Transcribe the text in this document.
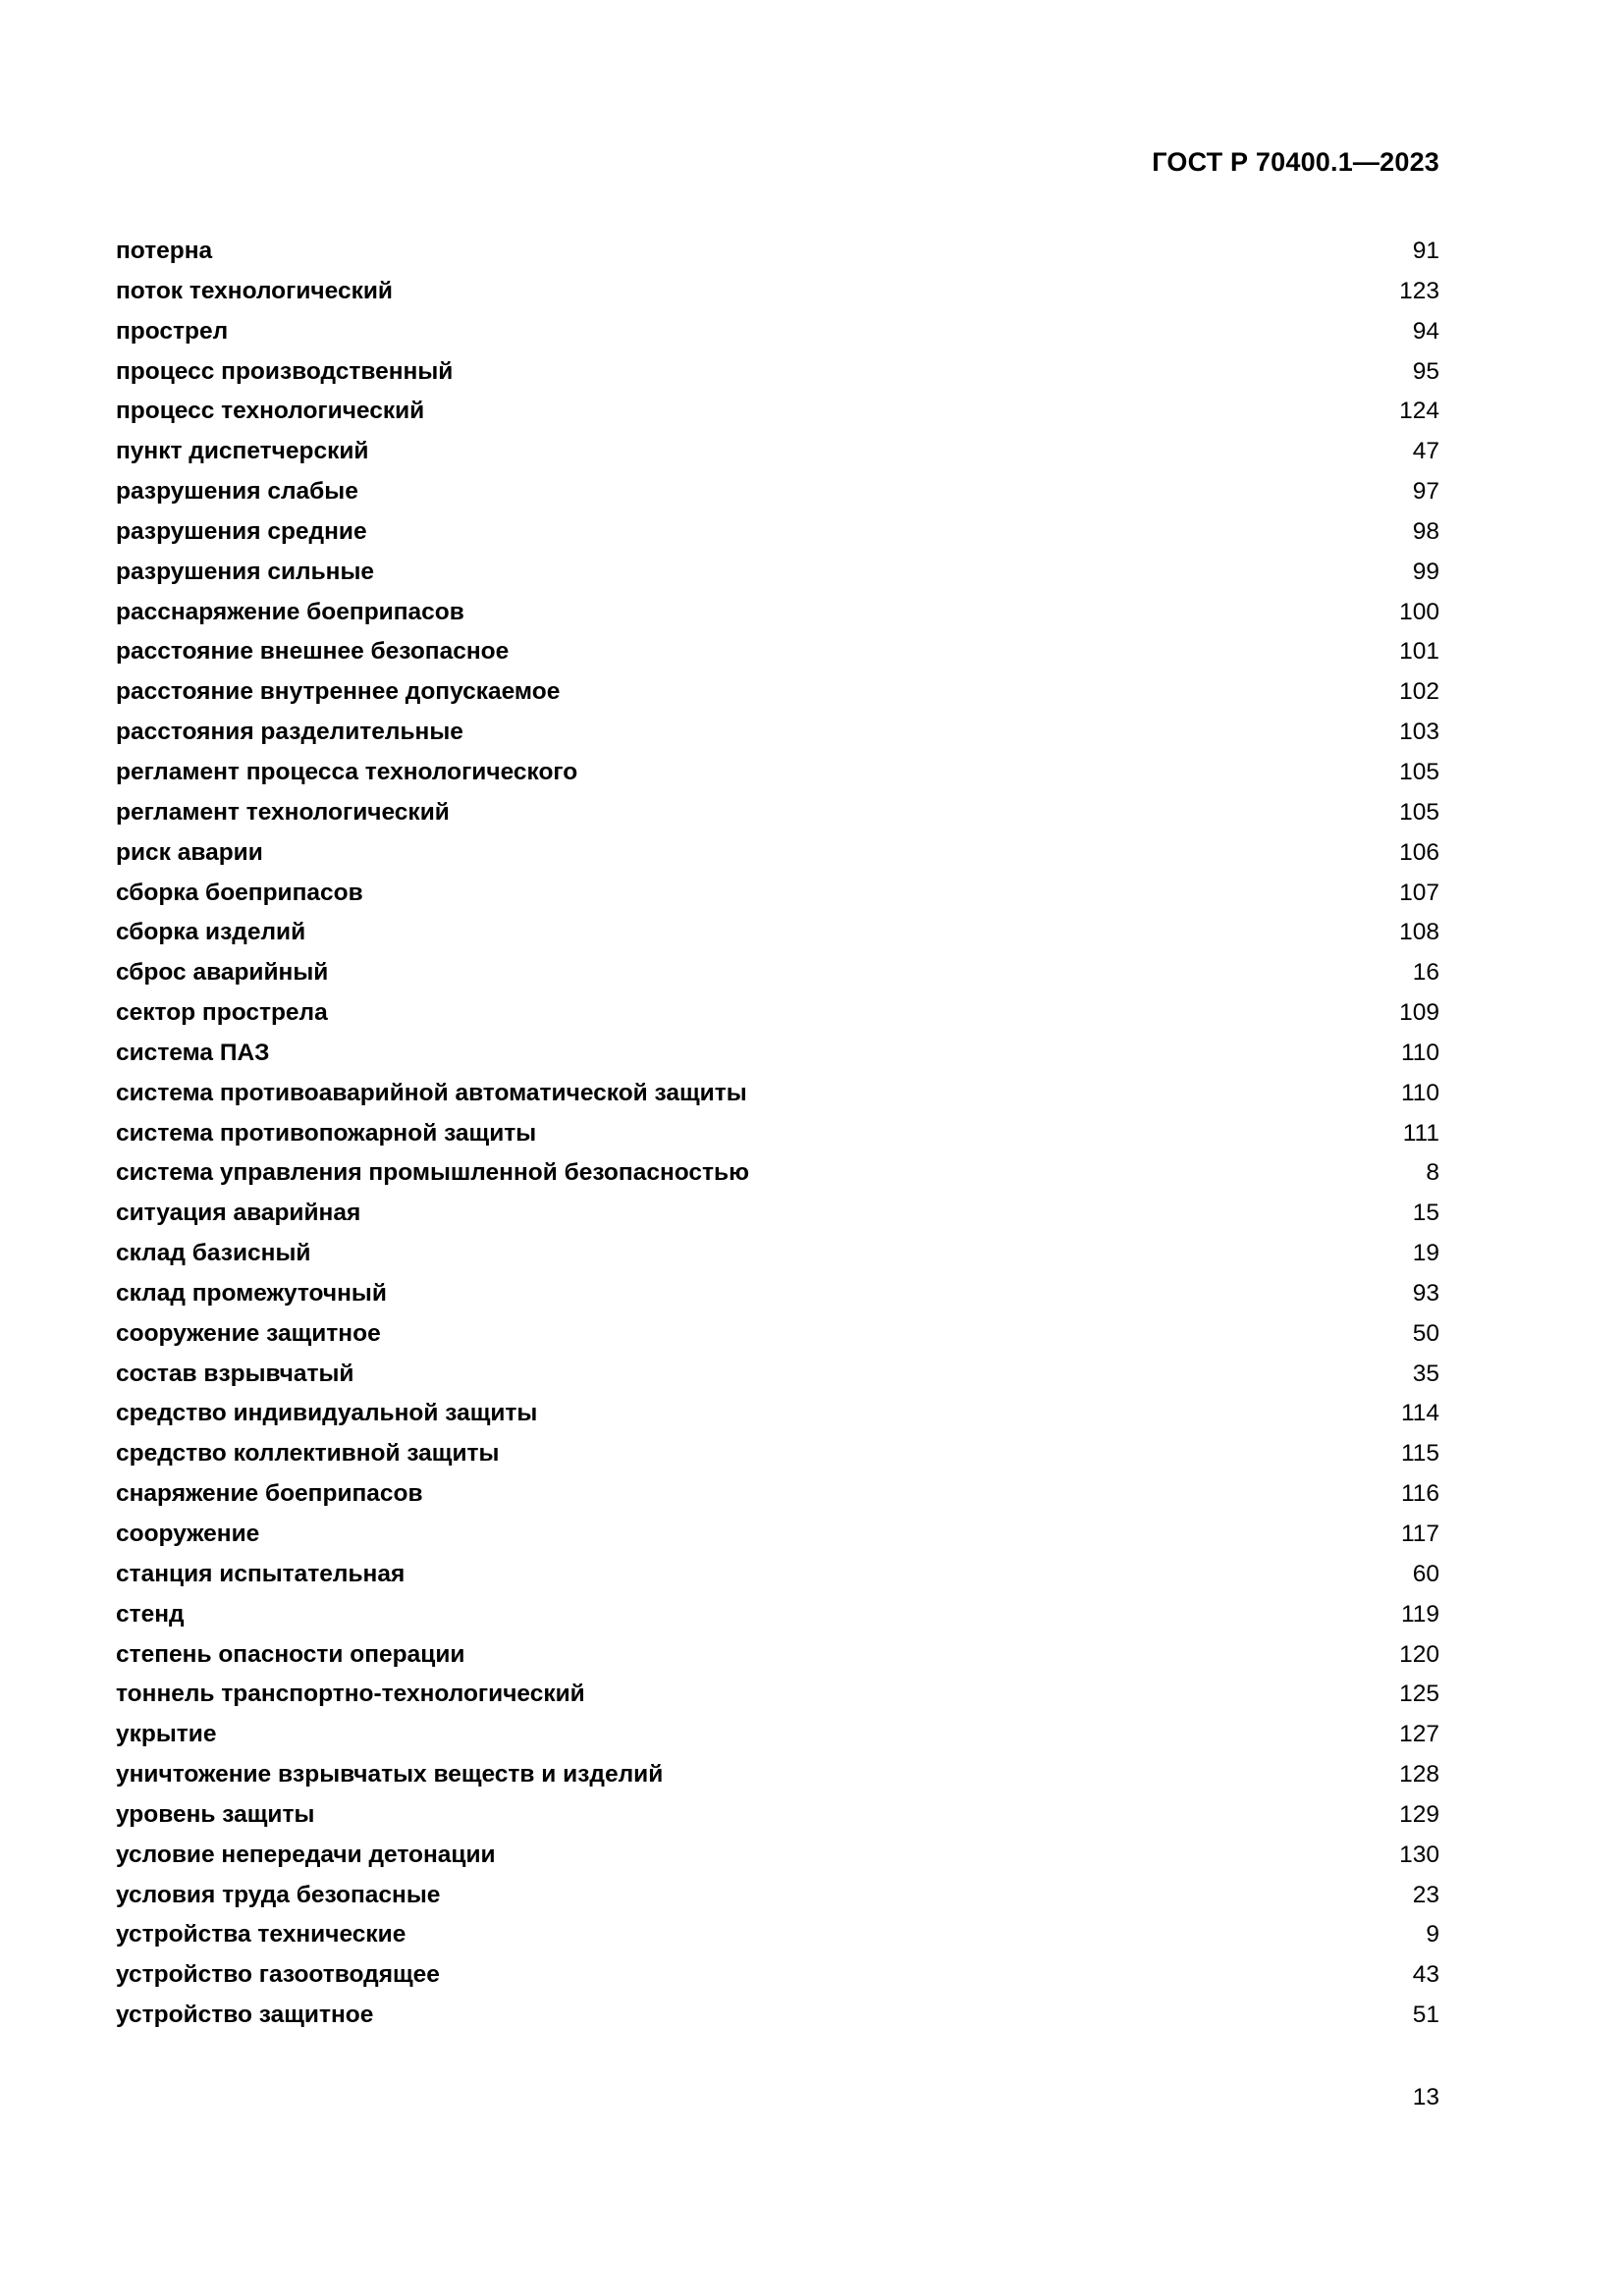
ГОСТ Р 70400.1—2023
потерна	91
поток технологический	123
прострел	94
процесс производственный	95
процесс технологический	124
пункт диспетчерский	47
разрушения слабые	97
разрушения средние	98
разрушения сильные	99
расснаряжение боеприпасов	100
расстояние внешнее безопасное	101
расстояние внутреннее допускаемое	102
расстояния разделительные	103
регламент процесса технологического	105
регламент технологический	105
риск аварии	106
сборка боеприпасов	107
сборка изделий	108
сброс аварийный	16
сектор прострела	109
система ПАЗ	110
система противоаварийной автоматической защиты	110
система противопожарной защиты	111
система управления промышленной безопасностью	8
ситуация аварийная	15
склад базисный	19
склад промежуточный	93
сооружение защитное	50
состав взрывчатый	35
средство индивидуальной защиты	114
средство коллективной защиты	115
снаряжение боеприпасов	116
сооружение	117
станция испытательная	60
стенд	119
степень опасности операции	120
тоннель транспортно-технологический	125
укрытие	127
уничтожение взрывчатых веществ и изделий	128
уровень защиты	129
условие непередачи детонации	130
условия труда безопасные	23
устройства технические	9
устройство газоотводящее	43
устройство защитное	51
13
